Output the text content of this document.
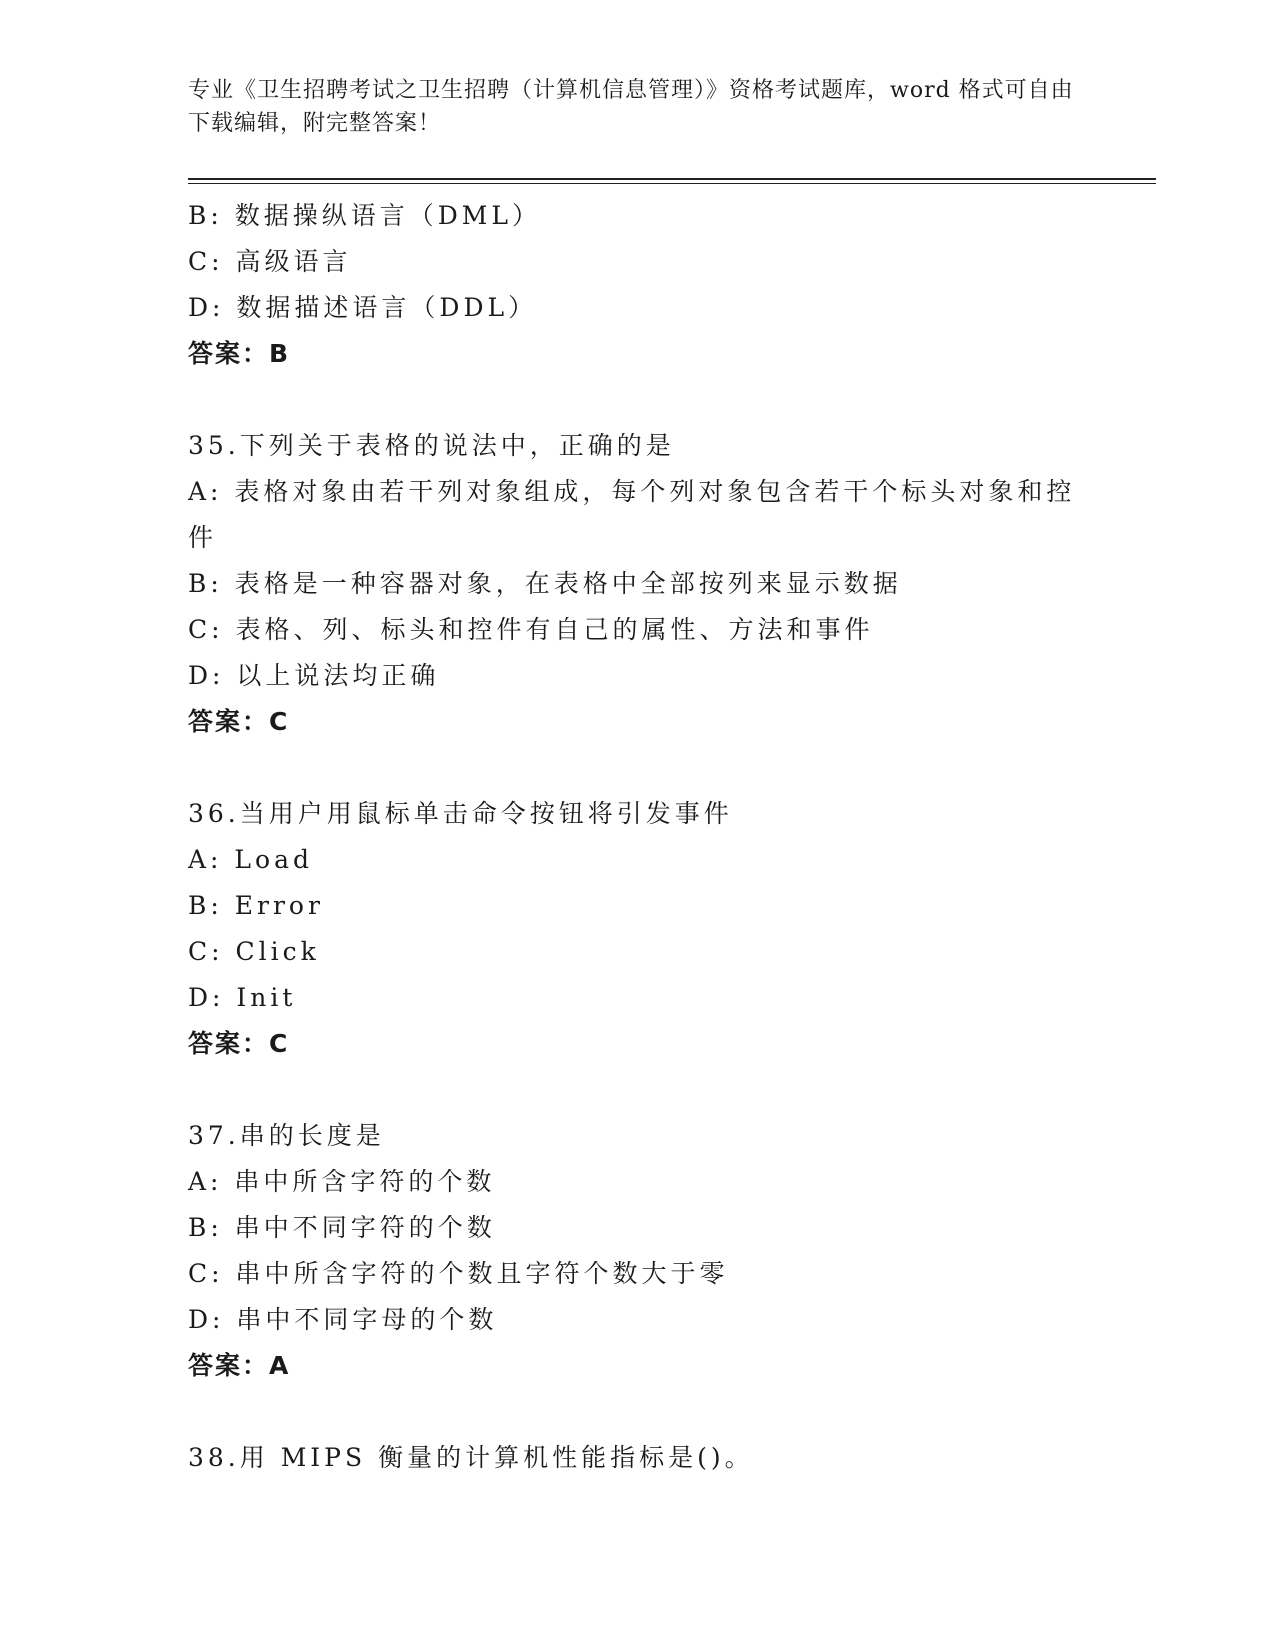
专业《卫生招聘考试之卫生招聘（计算机信息管理）》资格考试题库，word 格式可自由下载编辑，附完整答案！
B: 数据操纵语言（DML）
C: 高级语言
D: 数据描述语言（DDL）
答案：B
35.下列关于表格的说法中，正确的是
A: 表格对象由若干列对象组成，每个列对象包含若干个标头对象和控件
B: 表格是一种容器对象，在表格中全部按列来显示数据
C: 表格、列、标头和控件有自己的属性、方法和事件
D: 以上说法均正确
答案：C
36.当用户用鼠标单击命令按钮将引发事件
A: Load
B: Error
C: Click
D: Init
答案：C
37.串的长度是
A: 串中所含字符的个数
B: 串中不同字符的个数
C: 串中所含字符的个数且字符个数大于零
D: 串中不同字母的个数
答案：A
38.用 MIPS 衡量的计算机性能指标是()。
